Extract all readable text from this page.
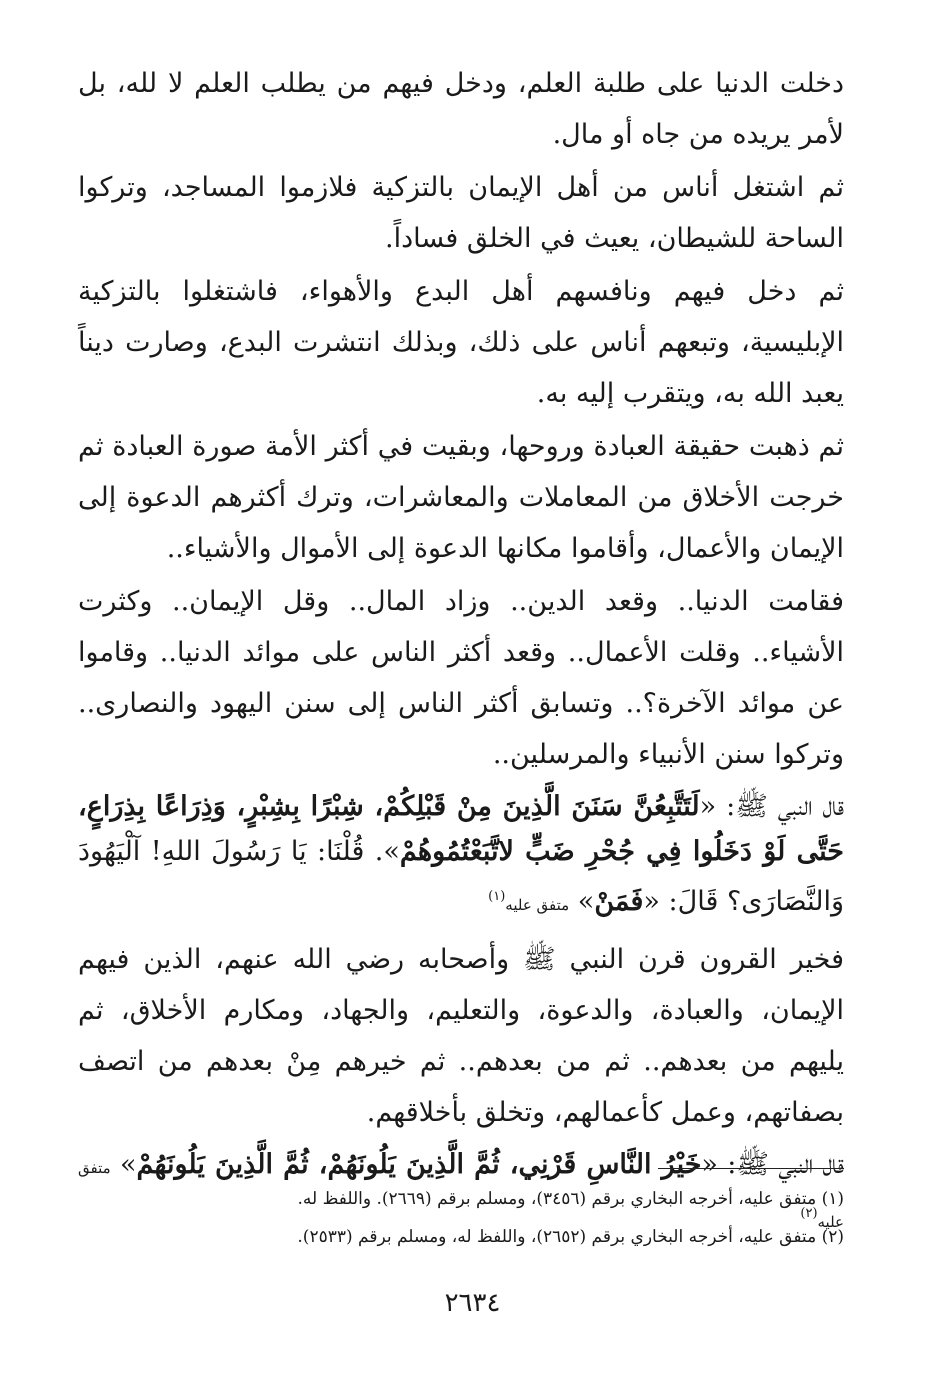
دخلت الدنيا على طلبة العلم، ودخل فيهم من يطلب العلم لا لله، بل لأمر يريده من جاه أو مال.

ثم اشتغل أناس من أهل الإيمان بالتزكية فلازموا المساجد، وتركوا الساحة للشيطان، يعيث في الخلق فساداً.

ثم دخل فيهم ونافسهم أهل البدع والأهواء، فاشتغلوا بالتزكية الإبليسية، وتبعهم أناس على ذلك، وبذلك انتشرت البدع، وصارت ديناً يعبد الله به، ويتقرب إليه به.

ثم ذهبت حقيقة العبادة وروحها، وبقيت في أكثر الأمة صورة العبادة ثم خرجت الأخلاق من المعاملات والمعاشرات، وترك أكثرهم الدعوة إلى الإيمان والأعمال، وأقاموا مكانها الدعوة إلى الأموال والأشياء..

فقامت الدنيا.. وقعد الدين.. وزاد المال.. وقل الإيمان.. وكثرت الأشياء.. وقلت الأعمال.. وقعد أكثر الناس على موائد الدنيا.. وقاموا عن موائد الآخرة؟.. وتسابق أكثر الناس إلى سنن اليهود والنصارى.. وتركوا سنن الأنبياء والمرسلين..

قال النبي ﷺ: «لَتَتَّبِعُنَّ سَنَنَ الَّذِينَ مِنْ قَبْلِكُمْ، شِبْرًا بِشِبْرٍ، وَذِرَاعًا بِذِرَاعٍ، حَتَّى لَوْ دَخَلُوا فِي جُحْرِ ضَبٍّ لاتَّبَعْتُمُوهُمْ». قُلْنَا: يَا رَسُولَ اللهِ! آلْيَهُودَ وَالنَّصَارَى؟ قَالَ: «فَمَنْ» متفق عليه$^{(١)}$

فخير القرون قرن النبي ﷺ وأصحابه رضي الله عنهم، الذين فيهم الإيمان، والعبادة، والدعوة، والتعليم، والجهاد، ومكارم الأخلاق، ثم يليهم من بعدهم.. ثم من بعدهم.. ثم خيرهم مِنْ بعدهم من اتصف بصفاتهم، وعمل كأعمالهم، وتخلق بأخلاقهم.

قال النبي ﷺ: «خَيْرُ النَّاسِ قَرْنِي، ثُمَّ الَّذِينَ يَلُونَهُمْ، ثُمَّ الَّذِينَ يَلُونَهُمْ» متفق عليه$^{(٢)}$

(١) متفق عليه، أخرجه البخاري برقم (٣٤٥٦)، ومسلم برقم (٢٦٦٩). واللفظ له.
(٢) متفق عليه، أخرجه البخاري برقم (٢٦٥٢)، واللفظ له، ومسلم برقم (٢٥٣٣).
٢٦٣٤
